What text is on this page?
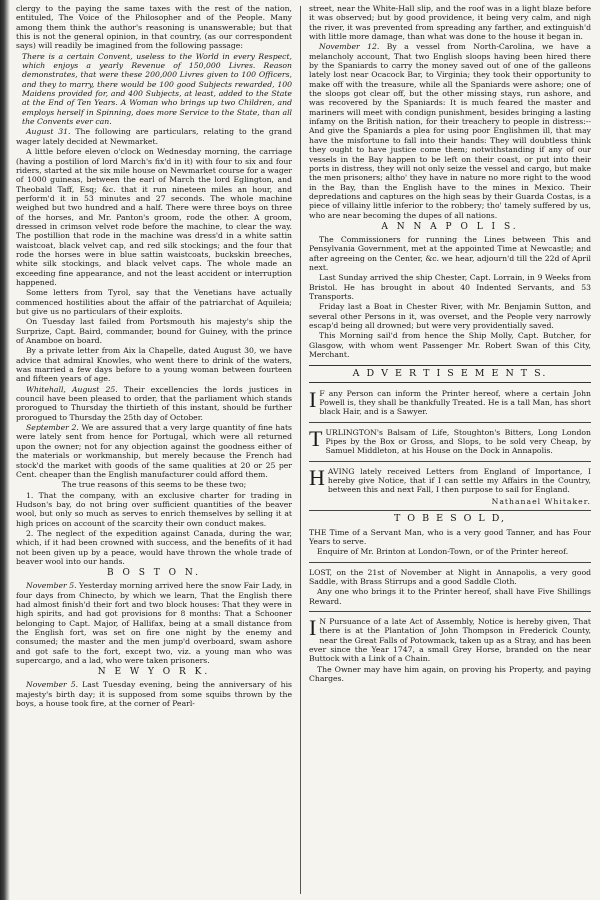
clergy to the paying the same taxes with the rest of the nation, entituled, The Voice of the Philosopher and of the People. Many among them think the author's reasoning is unanswerable; but that this is not the general opinion, in that country, (as our correspondent says) will readily be imagined from the following passage:

There is a certain Convent, useless to the World in every Respect, which enjoys a yearly Revenue of 150,000 Livres. Reason demonstrates, that were these 200,000 Livres given to 100 Officers, and they to marry, there would be 100 good Subjects rewarded, 100 Maidens provided for, and 400 Subjects, at least, added to the State at the End of Ten Years. A Woman who brings up two Children, and employs herself in Spinning, does more Service to the State, than all the Convents ever can.

August 31. The following are particulars, relating to the grand wager lately decided at Newmarket.

A little before eleven o'clock on Wednesday morning, the carriage (having a postilion of lord March's fix'd in it) with four to six and four riders, started at the six mile house on Newmarket course for a wager of 1000 guineas, between the earl of March the lord Eglington, and Theobald Taff, Esq; &c. that it run nineteen miles an hour, and perform'd it in 53 minutes and 27 seconds. The whole machine weighed but two hundred and a half. There were three boys on three of the horses, and Mr. Panton's groom, rode the other. A groom, dressed in crimson velvet rode before the machine, to clear the way. The postillion that rode in the machine was dress'd in a white sattin waistcoat, black velvet cap, and red silk stockings; and the four that rode the horses were in blue sattin waistcoats, buckskin breeches, white silk stockings, and black velvet caps. The whole made an exceeding fine appearance, and not the least accident or interruption happened.

Some letters from Tyrol, say that the Venetians have actually commenced hostilities about the affair of the patriarchat of Aquileia; but give us no particulars of their exploits.

On Tuesday last failed from Portsmouth his majesty's ship the Surprize, Capt. Baird, commander, bound for Guiney, with the prince of Anamboe on board.

By a private letter from Aix la Chapelle, dated August 30, we have advice that admiral Knowles, who went there to drink of the waters, was married a few days before to a young woman between fourteen and fifteen years of age.

Whitehall, August 25. Their excellencies the lords justices in council have been pleased to order, that the parliament which stands prorogued to Thursday the thirtieth of this instant, should be further prorogued to Thursday the 25th day of October.

September 2. We are assured that a very large quantity of fine hats were lately sent from hence for Portugal, which were all returned upon the owner; not for any objection against the goodness either of the materials or workmanship, but merely because the French had stock'd the market with goods of the same qualities at 20 or 25 per Cent. cheaper than the English manufacturer could afford them.

The true reasons of this seems to be these two;

1. That the company, with an exclusive charter for trading in Hudson's bay, do not bring over sufficient quantities of the beaver wool, but only so much as serves to enrich themselves by selling it at high prices on account of the scarcity their own conduct makes.

2. The neglect of the expedition against Canada, during the war, which, if it had been crowned with success, and the benefits of it had not been given up by a peace, would have thrown the whole trade of beaver wool into our hands.

B O S T O N.

November 5. Yesterday morning arrived here the snow Fair Lady, in four days from Chinecto, by which we learn, That the English there had almost finish'd their fort and two block houses: That they were in high spirits, and had got provisions for 8 months: That a Schooner belonging to Capt. Major, of Hallifax, being at a small distance from the English fort, was set on fire one night by the enemy and consumed; the master and the men jump'd overboard, swam ashore and got safe to the fort, except two, viz. a young man who was supercargo, and a lad, who were taken prisoners.

N E W Y O R K.

November 5. Last Tuesday evening, being the anniversary of his majesty's birth day; it is supposed from some squibs thrown by the boys, a house took fire, at the corner of Pearl-

street, near the White-Hall slip, and the roof was in a light blaze before it was observed; but by good providence, it being very calm, and nigh the river, it was prevented from spreading any farther, and extinguish'd with little more damage, than what was done to the house it began in.

November 12. By a vessel from North-Carolina, we have a melancholy account, That two English sloops having been hired there by the Spaniards to carry the money saved out of one of the galleons lately lost near Ocacock Bar, to Virginia; they took their opportunity to make off with the treasure, while all the Spaniards were ashore; one of the sloops got clear off, but the other missing stays, run ashore, and was recovered by the Spaniards: It is much feared the master and mariners will meet with condign punishment, besides bringing a lasting infamy on the British nation, for their treachery to people in distress:--And give the Spaniards a plea for using poor Englishmen ill, that may have the misfortune to fall into their hands: They will doubtless think they ought to have justice come them; notwithstanding if any of our vessels in the Bay happen to be left on their coast, or put into their ports in distress, they will not only seize the vessel and cargo, but make the men prisoners; altho' they have in nature no more right to the wood in the Bay, than the English have to the mines in Mexico. Their depredations and captures on the high seas by their Guarda Costas, is a piece of villainy little inferior to the robbery; tho' tamely suffered by us, who are near becoming the dupes of all nations.

A N N A P O L I S.

The Commissioners for running the Lines between This and Pensylvania Government, met at the appointed Time at Newcastle; and after agreeing on the Center, &c. we hear, adjourn'd till the 22d of April next.

Last Sunday arrived the ship Chester, Capt. Lorrain, in 9 Weeks from Bristol. He has brought in about 40 Indented Servants, and 53 Transports.

Friday last a Boat in Chester River, with Mr. Benjamin Sutton, and several other Persons in it, was overset, and the People very narrowly escap'd being all drowned; but were very providentially saved.

This Morning sail'd from hence the Ship Molly, Capt. Butcher, for Glasgow, with whom went Passenger Mr. Robert Swan of this City, Merchant.

A D V E R T I S E M E N T S.

I F any Person can inform the Printer hereof, where a certain John Powell is, they shall be thankfully Treated. He is a tall Man, has short black Hair, and is a Sawyer.

TURLINGTON's Balsam of Life, Stoughton's Bitters, Long London Pipes by the Box or Gross, and Slops, to be sold very Cheap, by Samuel Middleton, at his House on the Dock in Annapolis.

HAVING lately received Letters from England of Importance, I hereby give Notice, that if I can settle my Affairs in the Country, between this and next Fall, I then purpose to sail for England.

Nathanael Whitaker.
T O B E S O L D,

THE Time of a Servant Man, who is a very good Tanner, and has Four Years to serve.

Enquire of Mr. Brinton at London-Town, or of the Printer hereof.

LOST, on the 21st of November at Night in Annapolis, a very good Saddle, with Brass Stirrups and a good Saddle Cloth.

Any one who brings it to the Printer hereof, shall have Five Shillings Reward.

I N Pursuance of a late Act of Assembly, Notice is hereby given, That there is at the Plantation of John Thompson in Frederick County, near the Great Falls of Potowmack, taken up as a Stray, and has been ever since the Year 1747, a small Grey Horse, branded on the near Buttock with a Link of a Chain.

The Owner may have him again, on proving his Property, and paying Charges.
